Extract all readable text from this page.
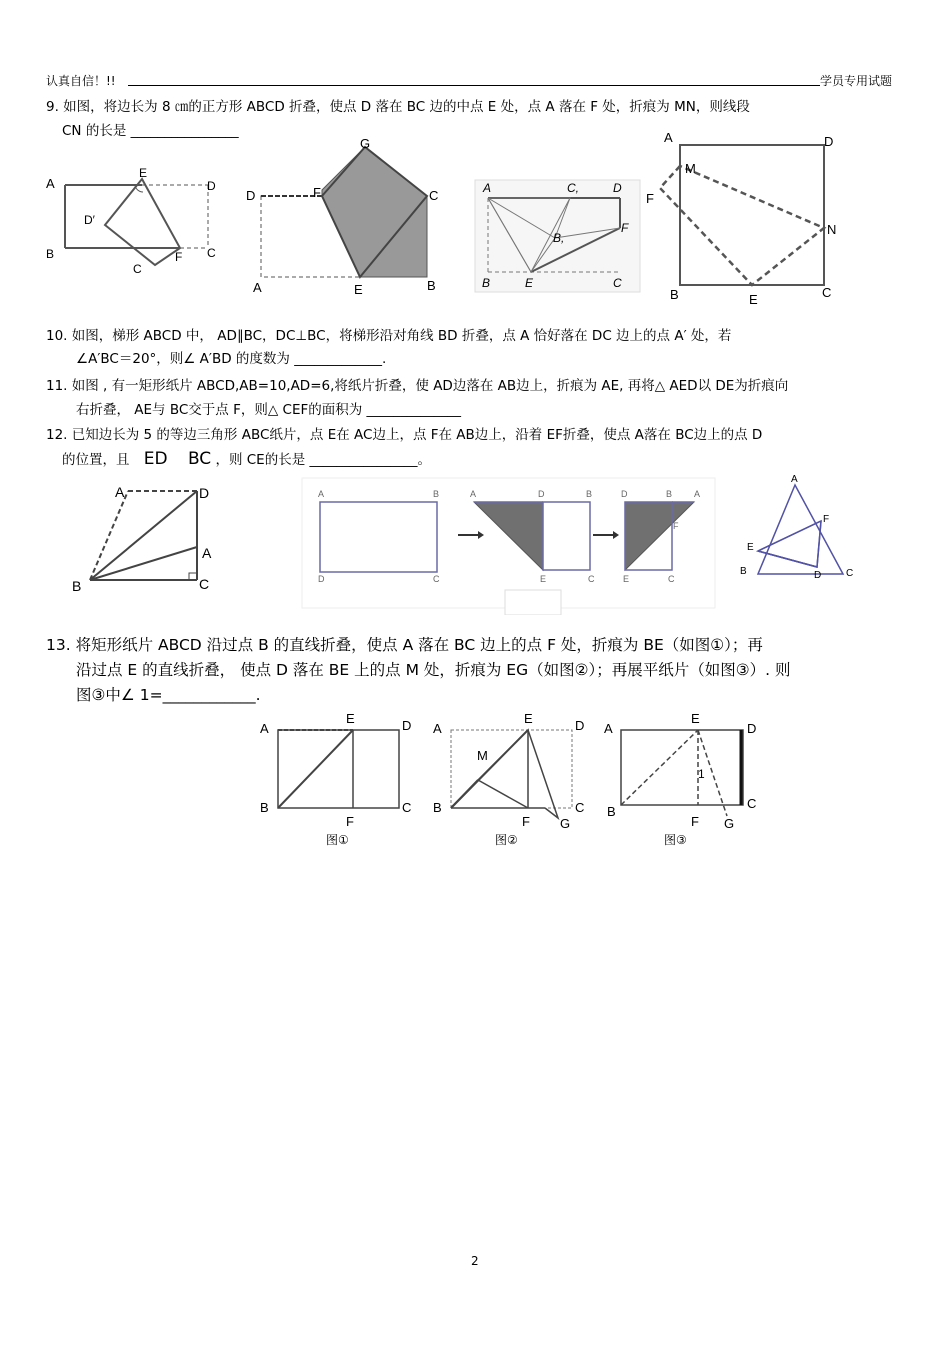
认真自信！!!	学员专用试题
9. 如图，将边长为 8 ㎝的正方形 ABCD 折叠，使点 D 落在 BC 边的中点 E 处，点 A 落在 F 处，折痕为 MN，则线段
CN 的长是 ________________
A
E
D
D′
B
C
F C
D	F
G
C
A	E	B
A	C,	D
B,
F
B	E	C
A	D
M
F
N
B	E	C
10. 如图，梯形 ABCD 中， AD∥BC，DC⊥BC，将梯形沿对角线 BD 折叠，点 A 恰好落在 DC 边上的点 A′ 处，若
∠A′BC＝20°，则∠ A′BD 的度数为 _____________.
11. 如图 , 有一矩形纸片 ABCD,AB=10,AD=6,将纸片折叠，使 AD边落在 AB边上，折痕为 AE, 再将△ AED以 DE为折痕向
右折叠， AE与 BC交于点 F，则△ CEF的面积为 ______________
12. 已知边长为 5 的等边三角形 ABC纸片，点 E在 AC边上，点 F在 AB边上，沿着 EF折叠，使点 A落在 BC边上的点 D
的位置，且 ED BC ，则 CE的长是 ________________。
A	D
A
B	C
A	B
D	C
A	D	B
E	C
D	B A
F
E	C
A
F
E
B	D C
13. 将矩形纸片 ABCD 沿过点 B 的直线折叠，使点 A 落在 BC 边上的点 F 处，折痕为 BE（如图①）；再
沿过点 E 的直线折叠， 使点 D 落在 BE 上的点 M 处，折痕为 EG（如图②）；再展平纸片（如图③）. 则
图③中∠ 1=____________.
A
E	D
B
F
C
图①
A
E	D
M
B
F
C
G
图②
A
E
D
1
B
F G
C
图③
2
